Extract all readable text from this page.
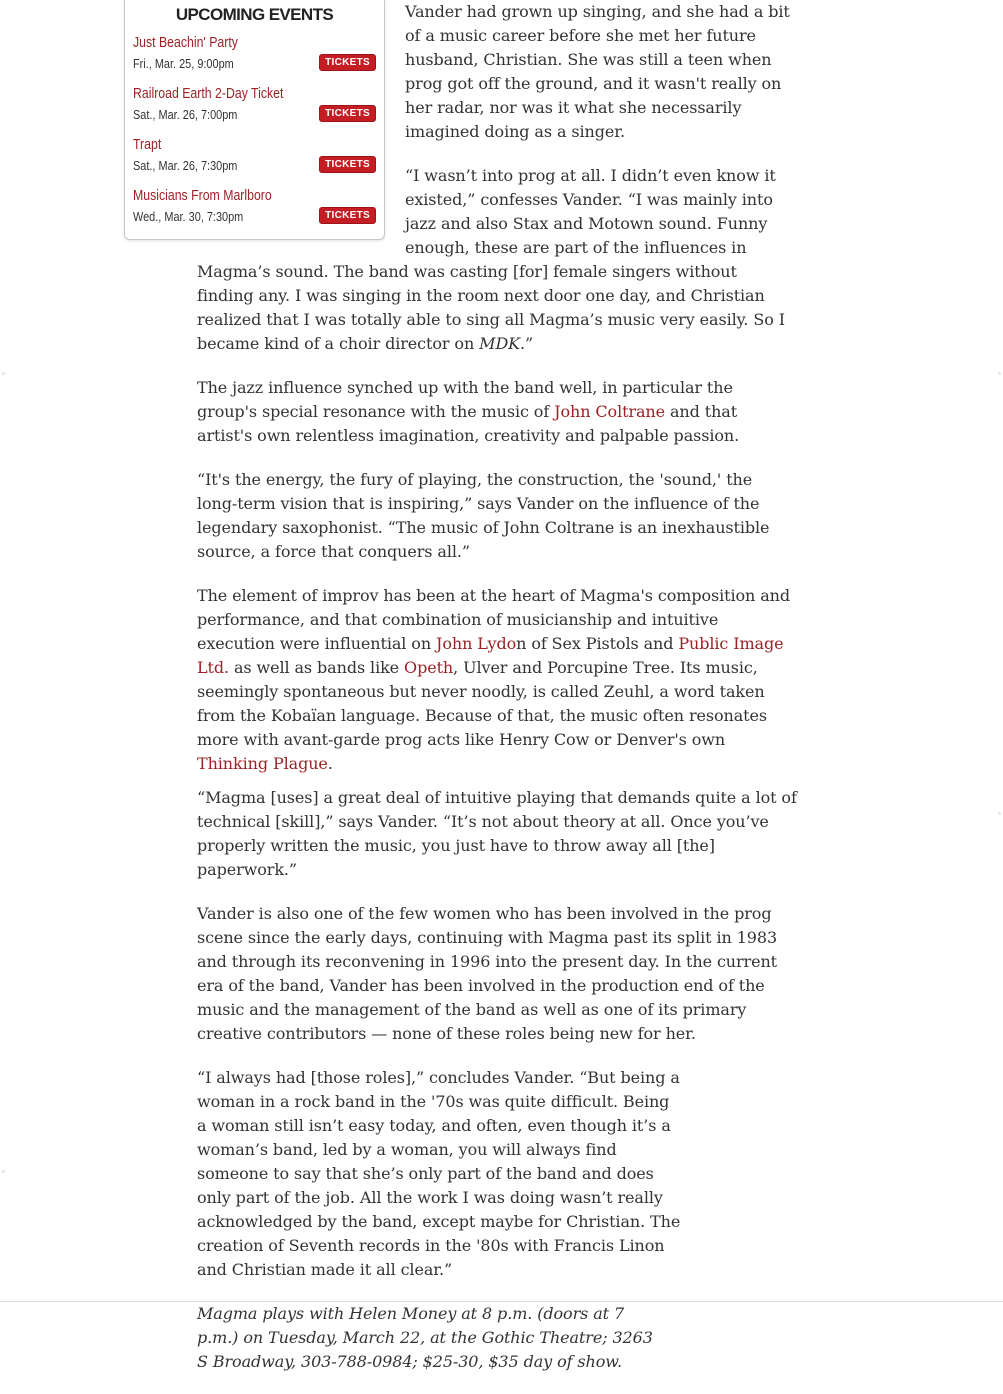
UPCOMING EVENTS
Just Beachin' Party
Fri., Mar. 25, 9:00pm	TICKETS
Railroad Earth 2-Day Ticket
Sat., Mar. 26, 7:00pm	TICKETS
Trapt
Sat., Mar. 26, 7:30pm	TICKETS
Musicians From Marlboro
Wed., Mar. 30, 7:30pm	TICKETS

Vander had grown up singing, and she had a bit of a music career before she met her future husband, Christian. She was still a teen when prog got off the ground, and it wasn't really on her radar, nor was it what she necessarily imagined doing as a singer.

“I wasn’t into prog at all. I didn’t even know it existed,” confesses Vander. “I was mainly into jazz and also Stax and Motown sound. Funny enough, these are part of the influences in Magma’s sound. The band was casting [for] female singers without finding any. I was singing in the room next door one day, and Christian realized that I was totally able to sing all Magma’s music very easily. So I became kind of a choir director on MDK.”

The jazz influence synched up with the band well, in particular the group's special resonance with the music of John Coltrane and that artist's own relentless imagination, creativity and palpable passion.

“It's the energy, the fury of playing, the construction, the 'sound,' the long-term vision that is inspiring,” says Vander on the influence of the legendary saxophonist. “The music of John Coltrane is an inexhaustible source, a force that conquers all.”

The element of improv has been at the heart of Magma's composition and performance, and that combination of musicianship and intuitive execution were influential on John Lydon of Sex Pistols and Public Image Ltd. as well as bands like Opeth, Ulver and Porcupine Tree. Its music, seemingly spontaneous but never noodly, is called Zeuhl, a word taken from the Kobaïan language. Because of that, the music often resonates more with avant-garde prog acts like Henry Cow or Denver's own Thinking Plague.

“Magma [uses] a great deal of intuitive playing that demands quite a lot of technical [skill],” says Vander. “It’s not about theory at all. Once you’ve properly written the music, you just have to throw away all [the] paperwork.”

Vander is also one of the few women who has been involved in the prog scene since the early days, continuing with Magma past its split in 1983 and through its reconvening in 1996 into the present day. In the current era of the band, Vander has been involved in the production end of the music and the management of the band as well as one of its primary creative contributors — none of these roles being new for her.

“I always had [those roles],” concludes Vander. “But being a woman in a rock band in the '70s was quite difficult. Being a woman still isn’t easy today, and often, even though it’s a woman’s band, led by a woman, you will always find someone to say that she’s only part of the band and does only part of the job. All the work I was doing wasn’t really acknowledged by the band, except maybe for Christian. The creation of Seventh records in the '80s with Francis Linon and Christian made it all clear.”

Magma plays with Helen Money at 8 p.m. (doors at 7 p.m.) on Tuesday, March 22, at the Gothic Theatre; 3263 S Broadway, 303-788-0984; $25-30, $35 day of show.
